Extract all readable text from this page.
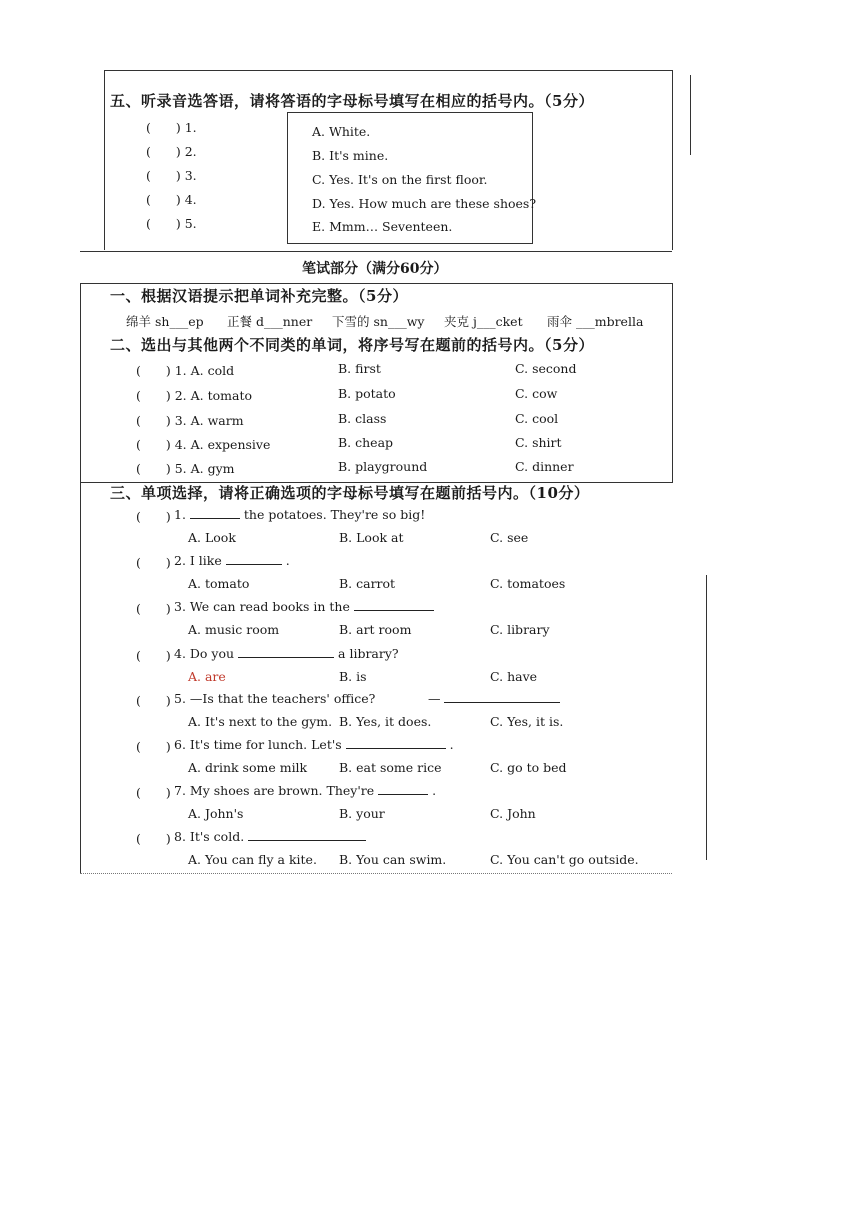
五、听录音选答语，请将答语的字母标号填写在相应的括号内。（5分）
(　　) 1.
(　　) 2.
(　　) 3.
(　　) 4.
(　　) 5.
A. White.
B. It's mine.
C. Yes. It's on the first floor.
D. Yes. How much are these shoes?
E. Mmm… Seventeen.
笔试部分（满分60分）
一、根据汉语提示把单词补充完整。（5分）
绵羊 sh___ep 正餐 d___nner 下雪的 sn___wy 夹克 j___cket 雨伞 ___mbrella
二、选出与其他两个不同类的单词，将序号写在题前的括号内。（5分）
(　　) 1. A. cold	B. first	C. second
(　　) 2. A. tomato	B. potato	C. cow
(　　) 3. A. warm	B. class	C. cool
(　　) 4. A. expensive	B. cheap	C. shirt
(　　) 5. A. gym	B. playground	C. dinner
三、单项选择，请将正确选项的字母标号填写在题前括号内。（10分）
(　　) 1.	the potatoes. They're so big!
A. Look	B. Look at	C. see
(　　) 2. I like	.
A. tomato	B. carrot	C. tomatoes
(　　) 3. We can read books in the
A. music room	B. art room	C. library
(　　) 4. Do you	a library?
A. are	B. is	C. have
(　　) 5. —Is that the teachers' office?	—
A. It's next to the gym. B. Yes, it does.	C. Yes, it is.
(　　) 6. It's time for lunch. Let's	.
A. drink some milk	B. eat some rice	C. go to bed
(　　) 7. My shoes are brown. They're	.
A. John's	B. your	C. John
(　　) 8. It's cold.
A. You can fly a kite. B. You can swim.	C. You can't go outside.
